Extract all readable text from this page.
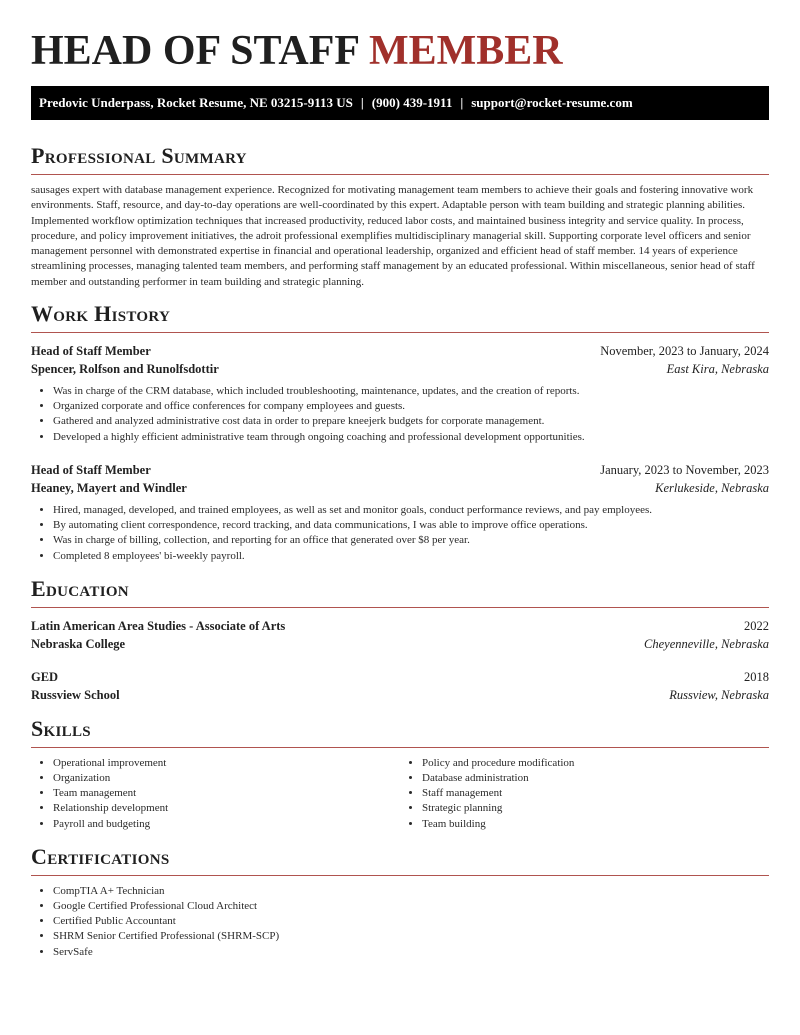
HEAD OF STAFF MEMBER
Predovic Underpass, Rocket Resume, NE 03215-9113 US | (900) 439-1911 | support@rocket-resume.com
Professional Summary

sausages expert with database management experience. Recognized for motivating management team members to achieve their goals and fostering innovative work environments. Staff, resource, and day-to-day operations are well-coordinated by this expert. Adaptable person with team building and strategic planning abilities. Implemented workflow optimization techniques that increased productivity, reduced labor costs, and maintained business integrity and service quality. In process, procedure, and policy improvement initiatives, the adroit professional exemplifies multidisciplinary managerial skill. Supporting corporate level officers and senior management personnel with demonstrated expertise in financial and operational leadership, organized and efficient head of staff member. 14 years of experience streamlining processes, managing talented team members, and performing staff management by an educated professional. Within miscellaneous, senior head of staff member and outstanding performer in team building and strategic planning.

Work History
Head of Staff Member	November, 2023 to January, 2024
Spencer, Rolfson and Runolfsdottir	East Kira, Nebraska
• Was in charge of the CRM database, which included troubleshooting, maintenance, updates, and the creation of reports.
• Organized corporate and office conferences for company employees and guests.
• Gathered and analyzed administrative cost data in order to prepare kneejerk budgets for corporate management.
• Developed a highly efficient administrative team through ongoing coaching and professional development opportunities.
Head of Staff Member	January, 2023 to November, 2023
Heaney, Mayert and Windler	Kerlukeside, Nebraska
• Hired, managed, developed, and trained employees, as well as set and monitor goals, conduct performance reviews, and pay employees.
• By automating client correspondence, record tracking, and data communications, I was able to improve office operations.
• Was in charge of billing, collection, and reporting for an office that generated over $8 per year.
• Completed 8 employees' bi-weekly payroll.
Education
Latin American Area Studies - Associate of Arts	2022
Nebraska College	Cheyenneville, Nebraska
GED	2018
Russview School	Russview, Nebraska
Skills
• Operational improvement
• Organization
• Team management
• Relationship development
• Payroll and budgeting
• Policy and procedure modification
• Database administration
• Staff management
• Strategic planning
• Team building
Certifications
• CompTIA A+ Technician
• Google Certified Professional Cloud Architect
• Certified Public Accountant
• SHRM Senior Certified Professional (SHRM-SCP)
• ServSafe
